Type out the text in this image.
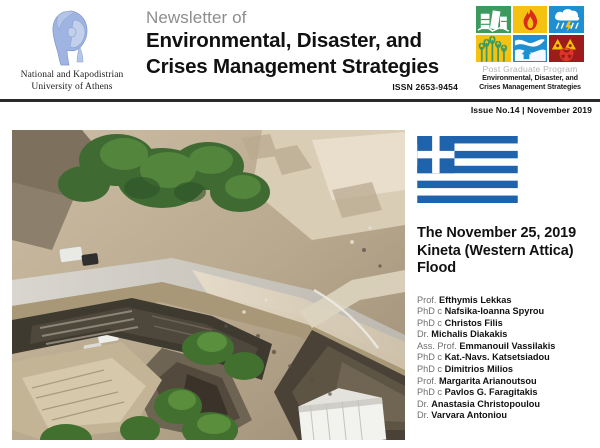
National and Kapodistrian
University of Athens
Newsletter of
Environmental, Disaster, and
Crises Management Strategies
ISSN 2653-9454
Post Graduate Program
Environmental, Disaster, and
Crises Management Strategies
Issue No.14 | November 2019
The November 25, 2019
Kineta (Western Attica)
Flood
Prof. Efthymis Lekkas
PhD c Nafsika-Ioanna Spyrou
PhD c Christos Filis
Dr. Michalis Diakakis
Ass. Prof. Emmanouil Vassilakis
PhD c Kat.-Navs. Katsetsiadou
PhD c Dimitrios Milios
Prof. Margarita Arianoutsou
PhD c Pavlos G. Faragitakis
Dr. Anastasia Christopoulou
Dr. Varvara Antoniou
